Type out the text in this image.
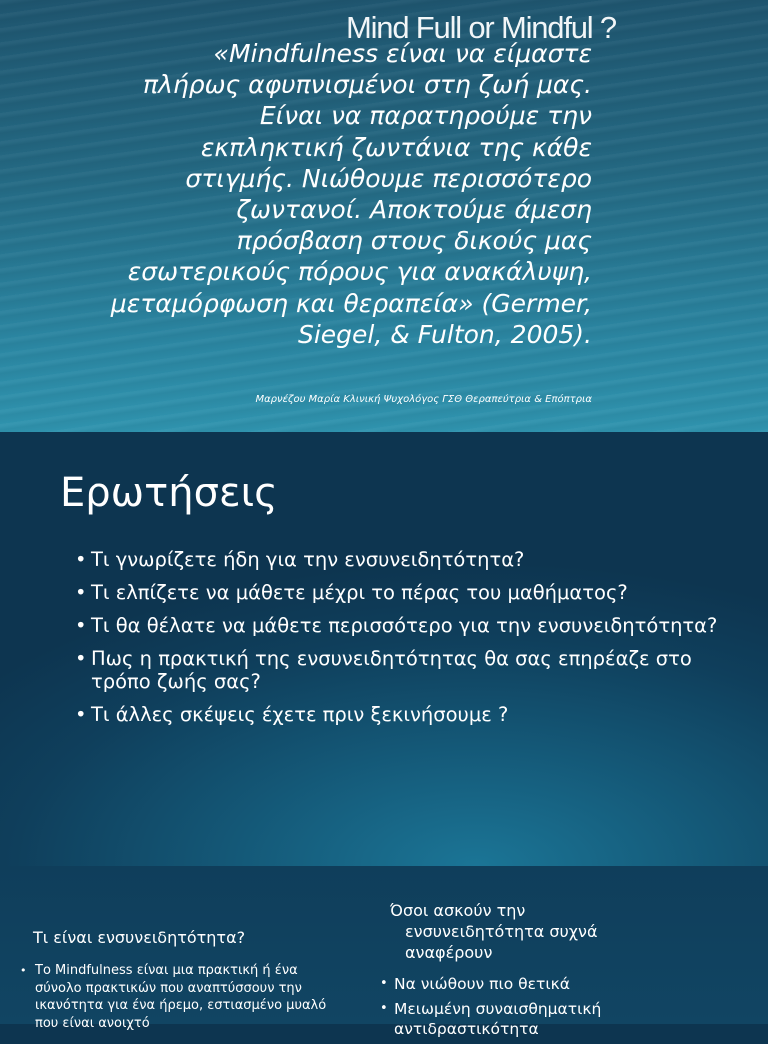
Mind Full or Mindful ?
«Mindfulness είναι να είμαστε
πλήρως αφυπνισμένοι στη ζωή μας.
Είναι να παρατηρούμε την
εκπληκτική ζωντάνια της κάθε
στιγμής. Νιώθουμε περισσότερο
ζωντανοί. Αποκτούμε άμεση
πρόσβαση στους δικούς μας
εσωτερικούς πόρους για ανακάλυψη,
μεταμόρφωση και θεραπεία» (Germer,
Siegel, & Fulton, 2005).
Μαρνέζου Μαρία Κλινική Ψυχολόγος ΓΣΘ Θεραπεύτρια & Επόπτρια
Ερωτήσεις
• Τι γνωρίζετε ήδη για την ενσυνειδητότητα?
• Τι ελπίζετε να μάθετε μέχρι το πέρας του μαθήματος?
• Τι θα θέλατε να μάθετε περισσότερο για την ενσυνειδητότητα?
• Πως η πρακτική της ενσυνειδητότητας θα σας επηρέαζε στο τρόπο ζωής σας?
• Τι άλλες σκέψεις έχετε πριν ξεκινήσουμε ?
Τι είναι ενσυνειδητότητα?
• Το Mindfulness είναι μια πρακτική ή ένα σύνολο πρακτικών που αναπτύσσουν την ικανότητα για ένα ήρεμο, εστιασμένο μυαλό που είναι ανοιχτό
Όσοι ασκούν την
ενσυνειδητότητα συχνά
αναφέρουν
• Να νιώθουν πιο θετικά
• Μειωμένη συναισθηματική αντιδραστικότητα
